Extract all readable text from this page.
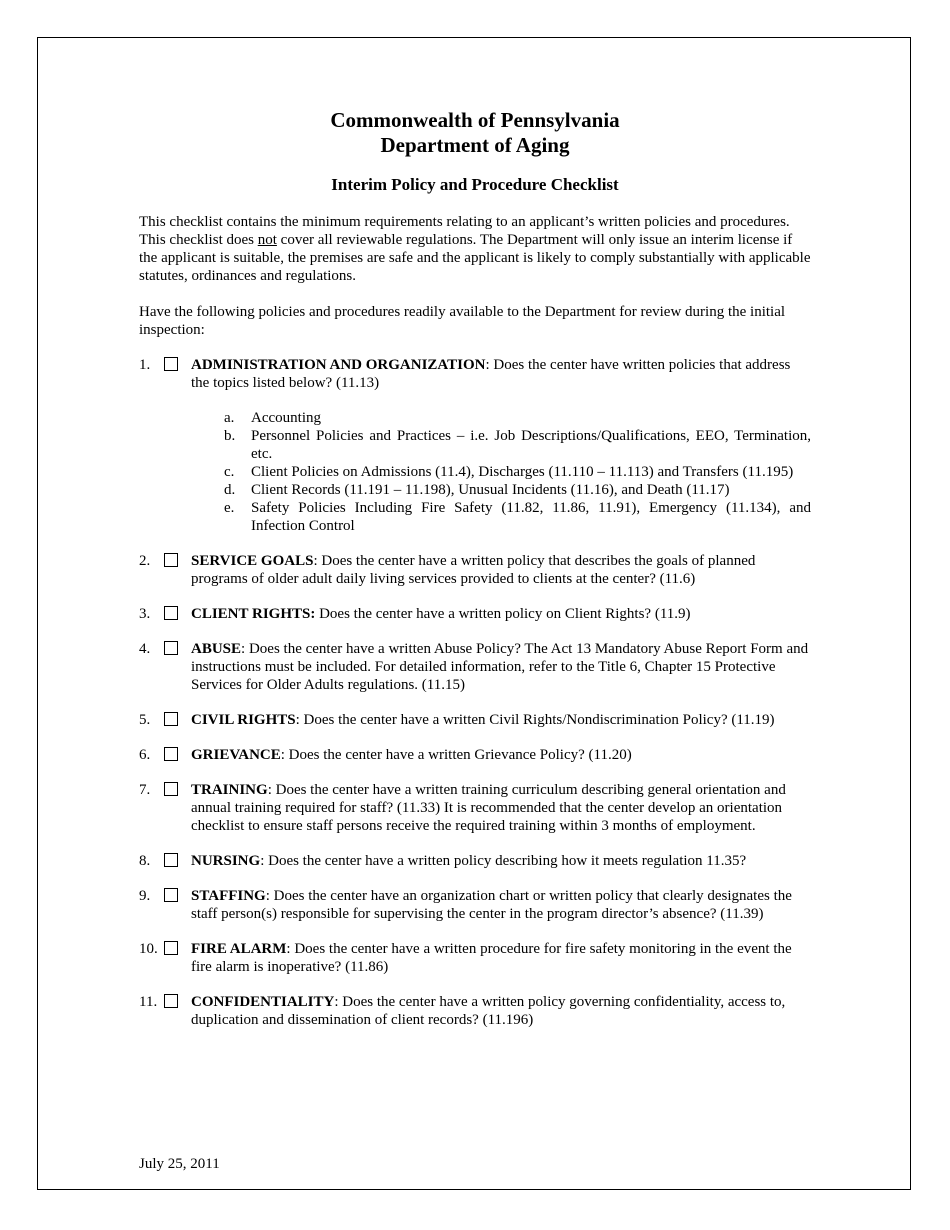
Commonwealth of Pennsylvania
Department of Aging
Interim Policy and Procedure Checklist

This checklist contains the minimum requirements relating to an applicant’s written policies and procedures. This checklist does not cover all reviewable regulations. The Department will only issue an interim license if the applicant is suitable, the premises are safe and the applicant is likely to comply substantially with applicable statutes, ordinances and regulations.

Have the following policies and procedures readily available to the Department for review during the initial inspection:

1.	ADMINISTRATION AND ORGANIZATION: Does the center have written policies that address the topics listed below? (11.13)
a. Accounting
b. Personnel Policies and Practices – i.e. Job Descriptions/Qualifications, EEO, Termination, etc.
c. Client Policies on Admissions (11.4), Discharges (11.110 – 11.113) and Transfers (11.195)
d. Client Records (11.191 – 11.198), Unusual Incidents (11.16), and Death (11.17)
e. Safety Policies Including Fire Safety (11.82, 11.86, 11.91), Emergency (11.134), and Infection Control
2.	SERVICE GOALS: Does the center have a written policy that describes the goals of planned programs of older adult daily living services provided to clients at the center? (11.6)
3.	CLIENT RIGHTS: Does the center have a written policy on Client Rights? (11.9)
4.	ABUSE: Does the center have a written Abuse Policy? The Act 13 Mandatory Abuse Report Form and instructions must be included. For detailed information, refer to the Title 6, Chapter 15 Protective Services for Older Adults regulations. (11.15)
5.	CIVIL RIGHTS: Does the center have a written Civil Rights/Nondiscrimination Policy? (11.19)
6.	GRIEVANCE: Does the center have a written Grievance Policy? (11.20)
7.	TRAINING: Does the center have a written training curriculum describing general orientation and annual training required for staff? (11.33) It is recommended that the center develop an orientation checklist to ensure staff persons receive the required training within 3 months of employment.
8.	NURSING: Does the center have a written policy describing how it meets regulation 11.35?
9.	STAFFING: Does the center have an organization chart or written policy that clearly designates the staff person(s) responsible for supervising the center in the program director’s absence? (11.39)
10. FIRE ALARM: Does the center have a written procedure for fire safety monitoring in the event the fire alarm is inoperative? (11.86)
11. CONFIDENTIALITY: Does the center have a written policy governing confidentiality, access to, duplication and dissemination of client records? (11.196)
July 25, 2011
